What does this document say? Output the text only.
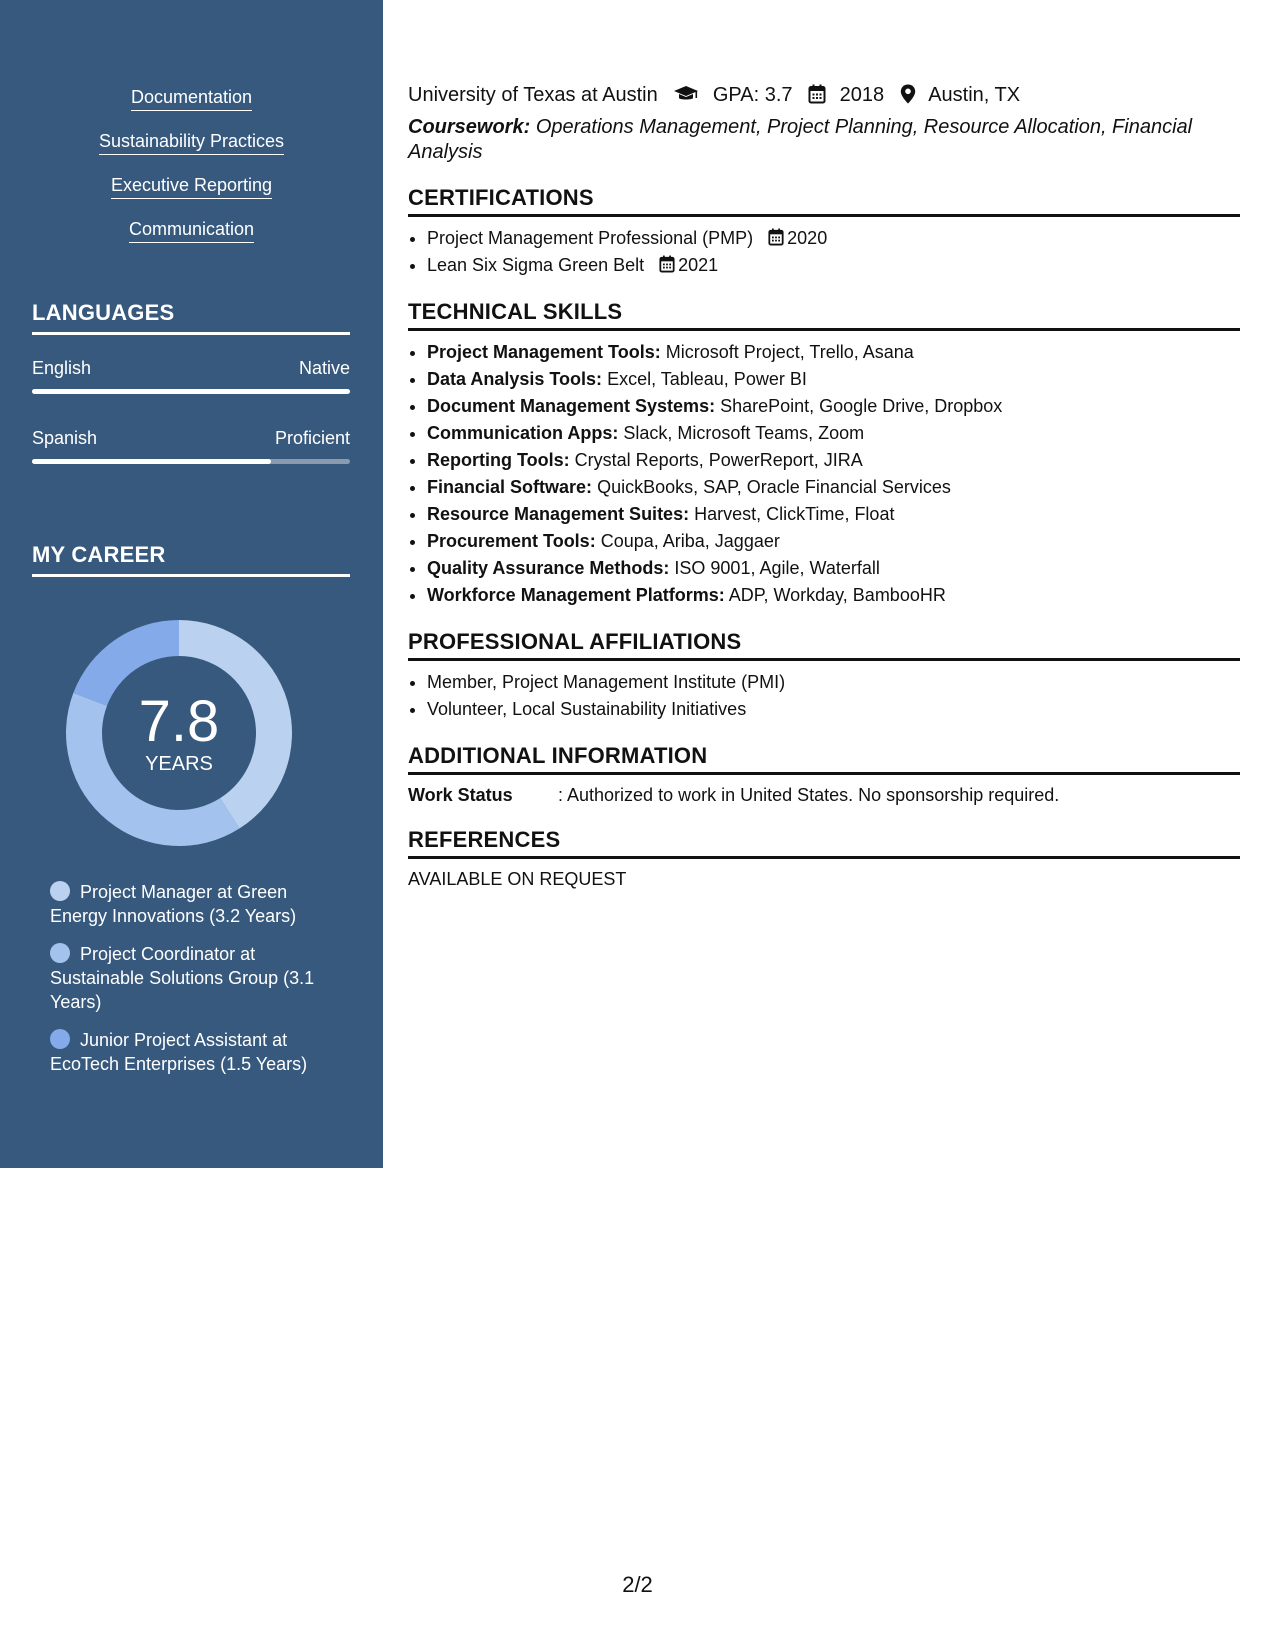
Documentation
Sustainability Practices
Executive Reporting
Communication
LANGUAGES
English	Native
Spanish	Proficient
MY CAREER
7.8
YEARS
Project Manager at Green Energy Innovations (3.2 Years)
Project Coordinator at Sustainable Solutions Group (3.1 Years)
Junior Project Assistant at EcoTech Enterprises (1.5 Years)
University of Texas at Austin	GPA: 3.7 2018 Austin, TX
Coursework: Operations Management, Project Planning, Resource Allocation, Financial Analysis
CERTIFICATIONS
• Project Management Professional (PMP) 2020
• Lean Six Sigma Green Belt 2021
TECHNICAL SKILLS
• Project Management Tools: Microsoft Project, Trello, Asana
• Data Analysis Tools: Excel, Tableau, Power BI
• Document Management Systems: SharePoint, Google Drive, Dropbox
• Communication Apps: Slack, Microsoft Teams, Zoom
• Reporting Tools: Crystal Reports, PowerReport, JIRA
• Financial Software: QuickBooks, SAP, Oracle Financial Services
• Resource Management Suites: Harvest, ClickTime, Float
• Procurement Tools: Coupa, Ariba, Jaggaer
• Quality Assurance Methods: ISO 9001, Agile, Waterfall
• Workforce Management Platforms: ADP, Workday, BambooHR
PROFESSIONAL AFFILIATIONS
• Member, Project Management Institute (PMI)
• Volunteer, Local Sustainability Initiatives
ADDITIONAL INFORMATION
Work Status	: Authorized to work in United States. No sponsorship required.
REFERENCES
AVAILABLE ON REQUEST
2/2
